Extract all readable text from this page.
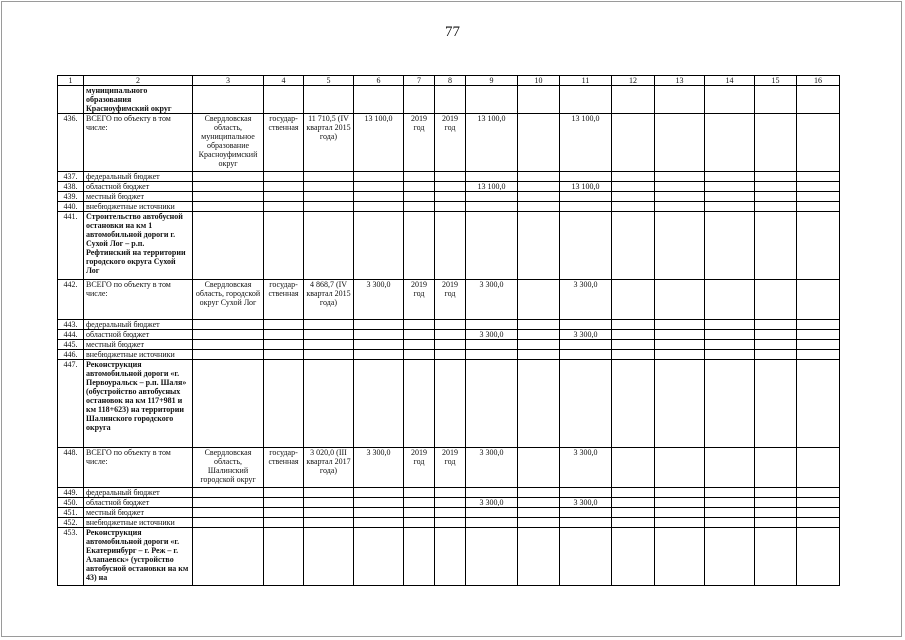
77
1	2	3	4	5	6	7	8	9	10	11	12	13	14	15	16
	муниципального образования Красноуфимский округ														
436.	ВСЕГО по объекту в том числе:	Свердловская область, муниципальное образование Красноуфимский округ	государ-ственная	11 710,5 (IV квартал 2015 года)	13 100,0	2019 год	2019 год	13 100,0		13 100,0					
437.	федеральный бюджет														
438.	областной бюджет							13 100,0		13 100,0					
439.	местный бюджет														
440.	внебюджетные источники														
441.	Строительство автобусной остановки на км 1 автомобильной дороги г. Сухой Лог – р.п. Рефтинский на территории городского округа Сухой Лог														
442.	ВСЕГО по объекту в том числе:	Свердловская область, городской округ Сухой Лог	государ-ственная	4 868,7 (IV квартал 2015 года)	3 300,0	2019 год	2019 год	3 300,0		3 300,0					
443.	федеральный бюджет														
444.	областной бюджет							3 300,0		3 300,0					
445.	местный бюджет														
446.	внебюджетные источники														
447.	Реконструкция автомобильной дороги «г. Первоуральск – р.п. Шаля» (обустройство автобусных остановок на км 117+981 и км 118+623) на территории Шалинского городского округа														
448.	ВСЕГО по объекту в том числе:	Свердловская область, Шалинский городской округ	государ-ственная	3 020,0 (III квартал 2017 года)	3 300,0	2019 год	2019 год	3 300,0		3 300,0					
449.	федеральный бюджет														
450.	областной бюджет							3 300,0		3 300,0					
451.	местный бюджет														
452.	внебюджетные источники														
453.	Реконструкция автомобильной дороги «г. Екатеринбург – г. Реж – г. Алапаевск» (устройство автобусной остановки на км 43) на														
